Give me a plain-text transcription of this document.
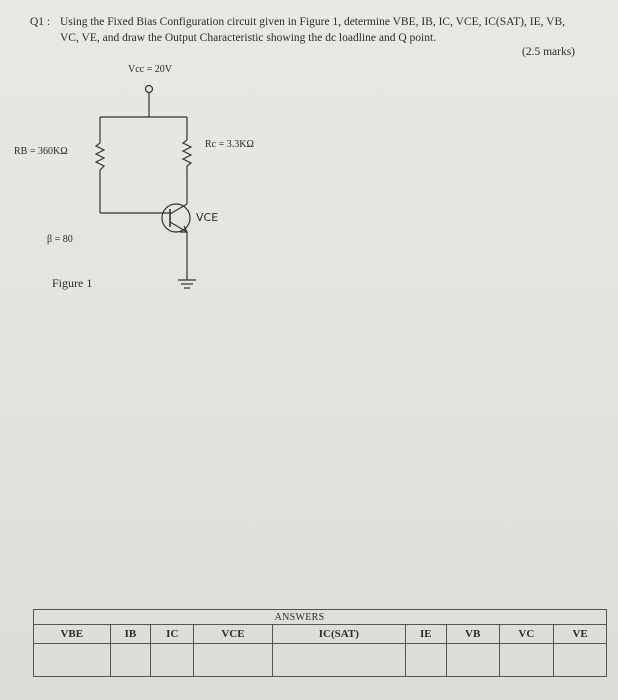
Q1 : Using the Fixed Bias Configuration circuit given in Figure 1, determine VBE, IB, IC, VCE, IC(SAT), IE, VB,
VC, VE, and draw the Output Characteristic showing the dc loadline and Q point.
(2.5 marks)
Vcc = 20V
RB = 360KΩ
Rc = 3.3KΩ
VCE
β = 80
Figure 1
			ANSWERS					
VBE	IB	IC	VCE	IC(SAT)	IE	VB	VC	VE
